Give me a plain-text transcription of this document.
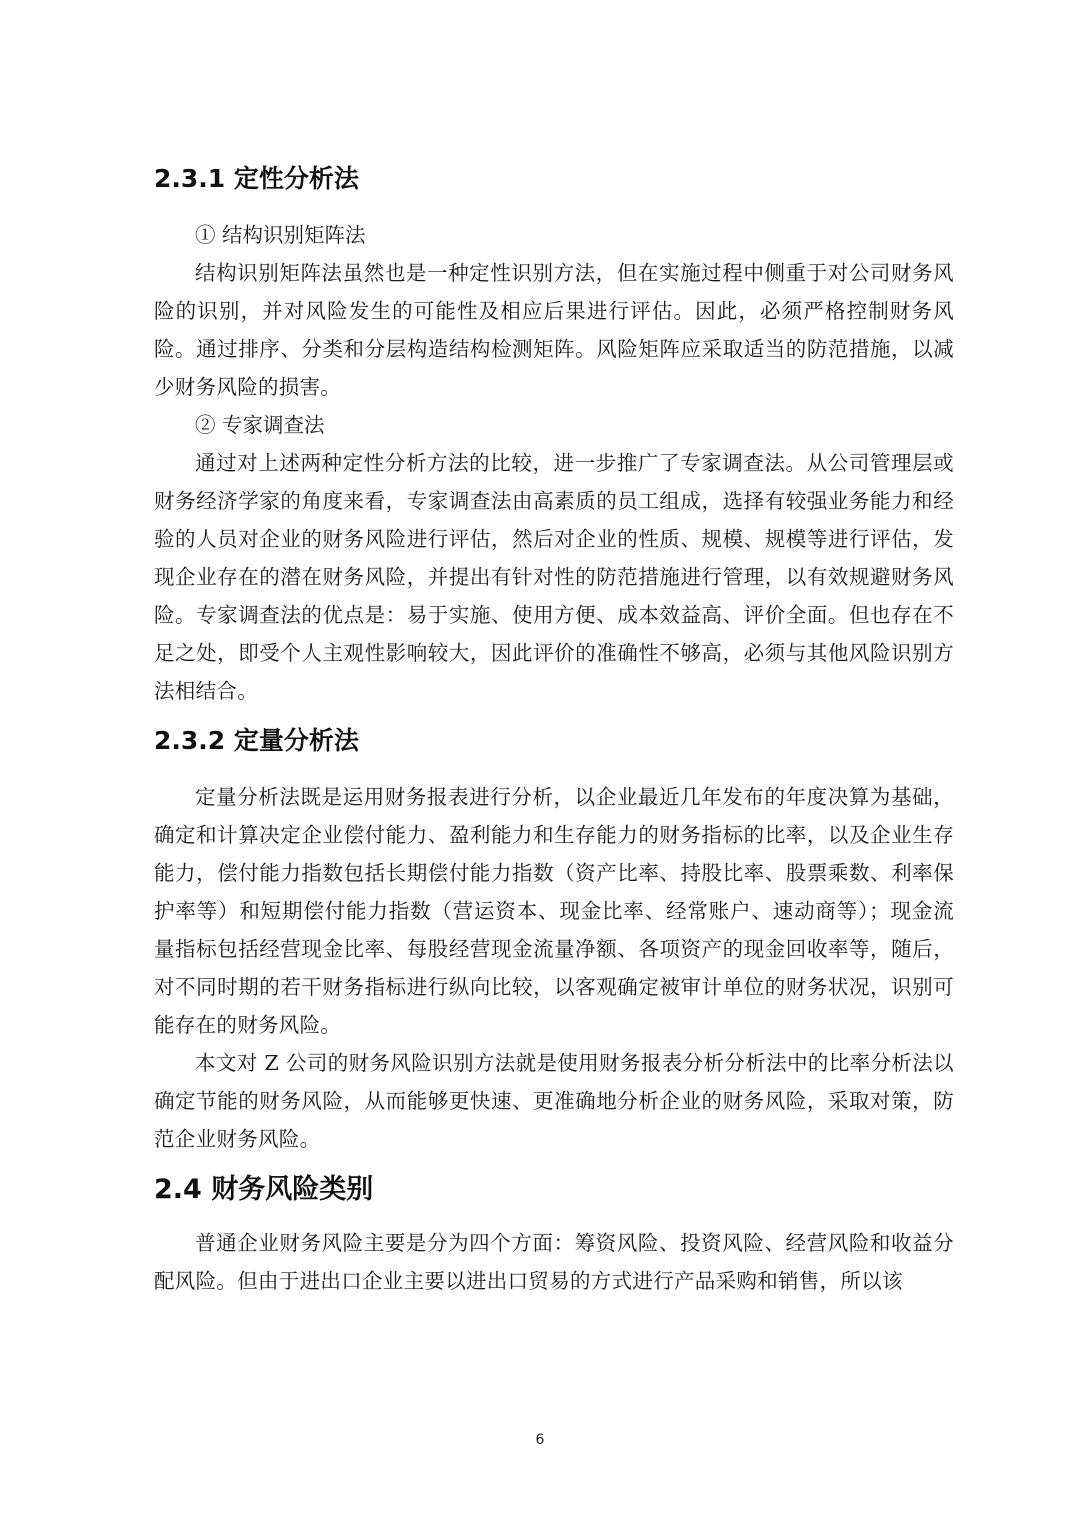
2.3.1 定性分析法

① 结构识别矩阵法

结构识别矩阵法虽然也是一种定性识别方法，但在实施过程中侧重于对公司财务风险的识别，并对风险发生的可能性及相应后果进行评估。因此，必须严格控制财务风险。通过排序、分类和分层构造结构检测矩阵。风险矩阵应采取适当的防范措施，以减少财务风险的损害。

② 专家调查法

通过对上述两种定性分析方法的比较，进一步推广了专家调查法。从公司管理层或财务经济学家的角度来看，专家调查法由高素质的员工组成，选择有较强业务能力和经验的人员对企业的财务风险进行评估，然后对企业的性质、规模、规模等进行评估，发现企业存在的潜在财务风险，并提出有针对性的防范措施进行管理，以有效规避财务风险。专家调查法的优点是：易于实施、使用方便、成本效益高、评价全面。但也存在不足之处，即受个人主观性影响较大，因此评价的准确性不够高，必须与其他风险识别方法相结合。

2.3.2 定量分析法

定量分析法既是运用财务报表进行分析，以企业最近几年发布的年度决算为基础，确定和计算决定企业偿付能力、盈利能力和生存能力的财务指标的比率，以及企业生存能力，偿付能力指数包括长期偿付能力指数（资产比率、持股比率、股票乘数、利率保护率等）和短期偿付能力指数（营运资本、现金比率、经常账户、速动商等）；现金流量指标包括经营现金比率、每股经营现金流量净额、各项资产的现金回收率等，随后，对不同时期的若干财务指标进行纵向比较，以客观确定被审计单位的财务状况，识别可能存在的财务风险。

本文对 Z 公司的财务风险识别方法就是使用财务报表分析分析法中的比率分析法以确定节能的财务风险，从而能够更快速、更准确地分析企业的财务风险，采取对策，防范企业财务风险。

2.4 财务风险类别

普通企业财务风险主要是分为四个方面：筹资风险、投资风险、经营风险和收益分配风险。但由于进出口企业主要以进出口贸易的方式进行产品采购和销售，所以该

6
